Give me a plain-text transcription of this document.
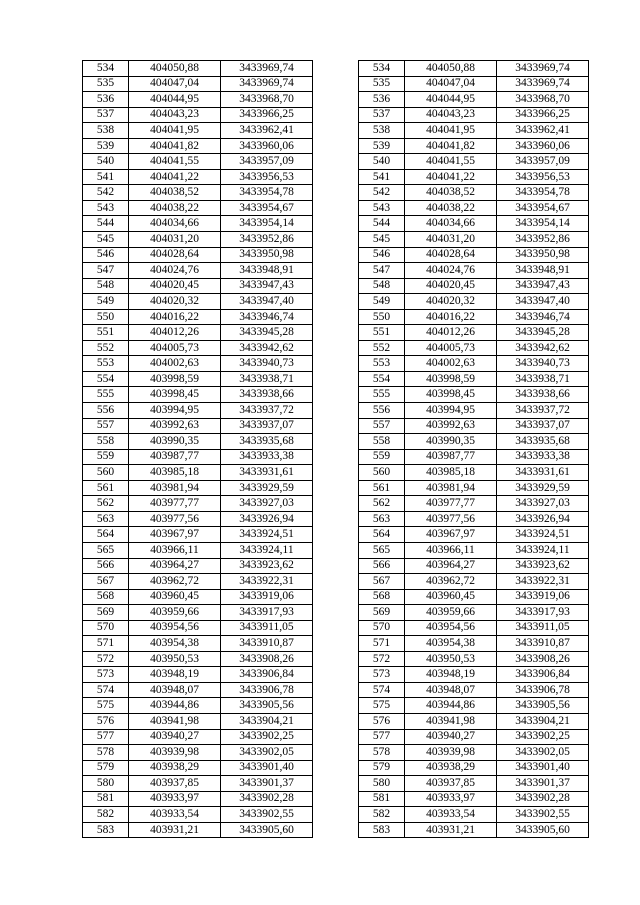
534	404050,88	3433969,74		534	404050,88	3433969,74
535	404047,04	3433969,74		535	404047,04	3433969,74
536	404044,95	3433968,70		536	404044,95	3433968,70
537	404043,23	3433966,25		537	404043,23	3433966,25
538	404041,95	3433962,41		538	404041,95	3433962,41
539	404041,82	3433960,06		539	404041,82	3433960,06
540	404041,55	3433957,09		540	404041,55	3433957,09
541	404041,22	3433956,53		541	404041,22	3433956,53
542	404038,52	3433954,78		542	404038,52	3433954,78
543	404038,22	3433954,67		543	404038,22	3433954,67
544	404034,66	3433954,14		544	404034,66	3433954,14
545	404031,20	3433952,86		545	404031,20	3433952,86
546	404028,64	3433950,98		546	404028,64	3433950,98
547	404024,76	3433948,91		547	404024,76	3433948,91
548	404020,45	3433947,43		548	404020,45	3433947,43
549	404020,32	3433947,40		549	404020,32	3433947,40
550	404016,22	3433946,74		550	404016,22	3433946,74
551	404012,26	3433945,28		551	404012,26	3433945,28
552	404005,73	3433942,62		552	404005,73	3433942,62
553	404002,63	3433940,73		553	404002,63	3433940,73
554	403998,59	3433938,71		554	403998,59	3433938,71
555	403998,45	3433938,66		555	403998,45	3433938,66
556	403994,95	3433937,72		556	403994,95	3433937,72
557	403992,63	3433937,07		557	403992,63	3433937,07
558	403990,35	3433935,68		558	403990,35	3433935,68
559	403987,77	3433933,38		559	403987,77	3433933,38
560	403985,18	3433931,61		560	403985,18	3433931,61
561	403981,94	3433929,59		561	403981,94	3433929,59
562	403977,77	3433927,03		562	403977,77	3433927,03
563	403977,56	3433926,94		563	403977,56	3433926,94
564	403967,97	3433924,51		564	403967,97	3433924,51
565	403966,11	3433924,11		565	403966,11	3433924,11
566	403964,27	3433923,62		566	403964,27	3433923,62
567	403962,72	3433922,31		567	403962,72	3433922,31
568	403960,45	3433919,06		568	403960,45	3433919,06
569	403959,66	3433917,93		569	403959,66	3433917,93
570	403954,56	3433911,05		570	403954,56	3433911,05
571	403954,38	3433910,87		571	403954,38	3433910,87
572	403950,53	3433908,26		572	403950,53	3433908,26
573	403948,19	3433906,84		573	403948,19	3433906,84
574	403948,07	3433906,78		574	403948,07	3433906,78
575	403944,86	3433905,56		575	403944,86	3433905,56
576	403941,98	3433904,21		576	403941,98	3433904,21
577	403940,27	3433902,25		577	403940,27	3433902,25
578	403939,98	3433902,05		578	403939,98	3433902,05
579	403938,29	3433901,40		579	403938,29	3433901,40
580	403937,85	3433901,37		580	403937,85	3433901,37
581	403933,97	3433902,28		581	403933,97	3433902,28
582	403933,54	3433902,55		582	403933,54	3433902,55
583	403931,21	3433905,60		583	403931,21	3433905,60
